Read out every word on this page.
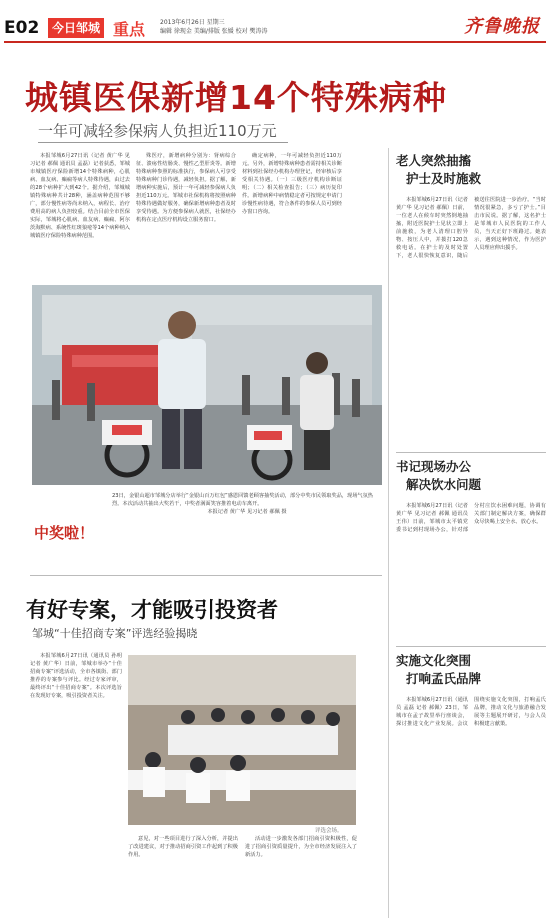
E02	今日邹城 重点 2013年6月26日 星期三
编辑 徐现金 美编/排版 张媛 校对 樊涛涛	齐鲁晚报
城镇医保新增14个特殊病种
一年可减轻参保病人负担近110万元

本报邹城6月27日讯（记者 黄广华 见习记者 郝佩 通讯员 孟磊）记者获悉，邹城市城镇医疗保险新增14个特殊病种，心肌病、血友病、癫痫等病人特殊待遇，由过去的28个病种扩大到42个。据介绍，邹城城镇特殊病种共计28种，涵盖病种范围不够广，部分慢性病等尚未纳入，病程长、治疗费用高的病人负担较重。结合目前全市医保实际，邹城将心肌病、血友病、癫痫、阿尔茨海默病、系统性红斑狼疮等14个病种纳入城镇医疗保险特殊病种范围。

殊医疗，新增病种分别为：肾病综合征、溃疡性结肠炎、慢性乙型肝炎等。新增特殊病种参照的标准执行，参保病人可享受特殊病种门诊待遇，减轻负担。据了解，新增病种实施后，预计一年可减轻参保病人负担近110万元。邹城市社保机构将按照病种特殊待遇做好服务，确保新增病种患者及时享受待遇。为方便参保病人就医，社保经办机构在定点医疗机构设立服务窗口。

确定病种，一年可减轻负担近110万元。另外，新增特殊病种患者需持相关诊断材料到社保经办机构办理登记，经审核后享受相关待遇。（一）三级医疗机构诊断证明；（二）相关检查报告；（三）病历复印件。新增病种中病情稳定者可按规定申请门诊慢性病待遇，符合条件的参保人员可到经办窗口咨询。

中奖啦！
23日，金银山超市邹城分店举行“金银山百万红包”感恩回馈老顾客抽奖活动，部分中奖市民领取奖品，现场气氛热烈。本次活动共抽出大奖若干，中奖者满面笑容推着电动车离开。
本报记者 黄广华 见习记者 郝佩 摄
老人突然抽搐
护士及时施救

本报邹城6月27日讯（记者 黄广华 见习记者 郝佩）日前，一位老人在候车时突然倒地抽搐，附近医院护士见状立即上前施救，为老人清理口腔异物、按压人中，并拨打120急救电话。在护士的及时处置下，老人很快恢复意识，随后被送往医院进一步治疗。“当时情况很紧急，多亏了护士。”目击市民说。据了解，这名护士是邹城市人民医院的工作人员，当天正好下班路过。她表示，遇到这种情况，作为医护人员理应伸出援手。

书记现场办公
解决饮水问题

本报邹城6月27日讯（记者 黄广华 见习记者 郝佩 通讯员 王伟）日前，邹城市太平镇党委书记到村现场办公，针对部分村庄饮水困难问题，协调有关部门制定解决方案，确保群众尽快喝上安全水、放心水。

实施文化突围
打响孟氏品牌

本报邹城6月27日讯（通讯员 孟磊 记者 郝佩）23日，邹城市在孟子故里举行座谈会，探讨推进文化产业发展。会议围绕实施文化突围，打响孟氏品牌，推动文化与旅游融合发展等主题展开研讨，与会人员积极建言献策。

有好专案，才能吸引投资者
邹城“十佳招商专案”评选经验揭晓

本报邹城6月27日讯（通讯员 孙明 记者 黄广华）日前，邹城市举办“十佳招商专案”评选活动，全市各镇街、部门推荐的专案参与评比。经过专家评审，最终评出“十佳招商专案”。本次评选旨在发现好专案，吸引投资者关注。

评选会场。

意见，对一些项目进行了深入分析，并提出了改进建议，对于推动招商引资工作起到了积极作用。

活动进一步激发各部门招商引资积极性，促进了招商引资质量提升，为全市经济发展注入了新活力。
